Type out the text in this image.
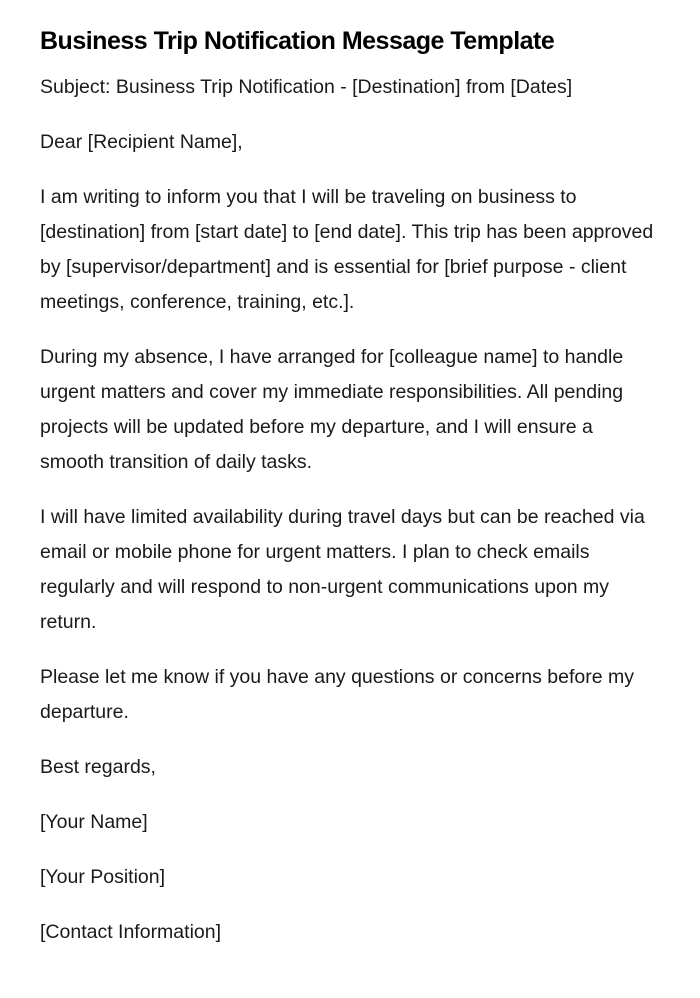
Business Trip Notification Message Template

Subject: Business Trip Notification - [Destination] from [Dates]

Dear [Recipient Name],

I am writing to inform you that I will be traveling on business to [destination] from [start date] to [end date]. This trip has been approved by [supervisor/department] and is essential for [brief purpose - client meetings, conference, training, etc.].

During my absence, I have arranged for [colleague name] to handle urgent matters and cover my immediate responsibilities. All pending projects will be updated before my departure, and I will ensure a smooth transition of daily tasks.

I will have limited availability during travel days but can be reached via email or mobile phone for urgent matters. I plan to check emails regularly and will respond to non-urgent communications upon my return.

Please let me know if you have any questions or concerns before my departure.

Best regards,

[Your Name]

[Your Position]

[Contact Information]
